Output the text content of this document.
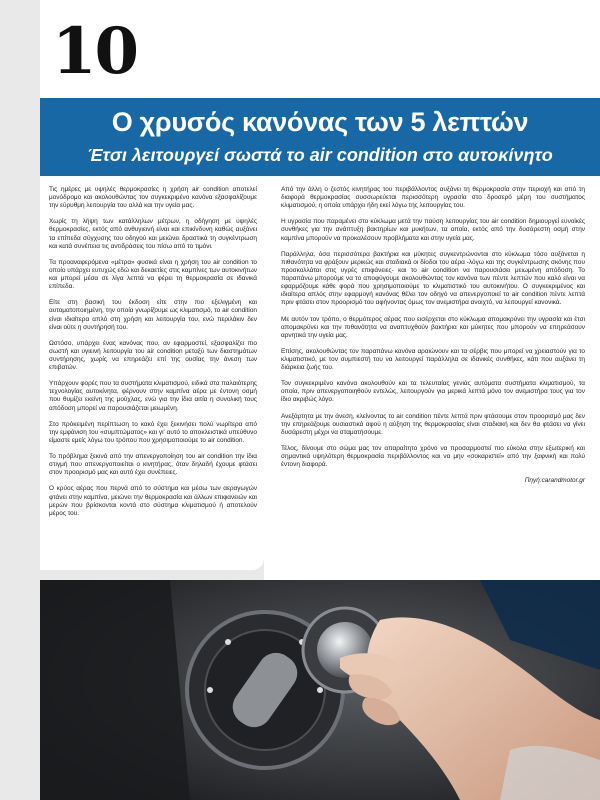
10
Ο χρυσός κανόνας των 5 λεπτών
Έτσι λειτουργεί σωστά το air condition στο αυτοκίνητο

Τις ημέρες με υψηλές θερμοκρασίες η χρήση air condition αποτελεί μονόδρομο και ακολουθώντας τον συγκεκριμένο κανόνα εξασφαλίζουμε την εύρυθμη λειτουργία του αλλά και την υγεία μας.

Χωρίς τη λήψη των κατάλληλων μέτρων, η οδήγηση με υψηλές θερμοκρασίες, εκτός από ανθυγιεινή είναι και επικίνδυνη καθώς αυξάνει τα επίπεδα σύγχυσης του οδηγού και μειώνει δραστικά τη συγκέντρωση και κατά συνέπεια τις αντιδράσεις του πίσω από το τιμόνι.

Τα προαναφερόμενα «μέτρα» φυσικά είναι η χρήση του air condition το οποίο υπάρχει ευτυχώς εδώ και δεκαετίες στις καμπίνες των αυτοκινήτων και μπορεί μέσα σε λίγα λεπτά να φέρει τη θερμοκρασία σε ιδανικά επίπεδα.

Είτε στη βασική του έκδοση είτε στην πιο εξελιγμένη και αυτοματοποιημένη, την οποία γνωρίζουμε ως κλιματισμό, το air condition είναι ιδιαίτερα απλό στη χρήση και λειτουργία του, ενώ περιλάκιν δεν είναι ούτε η συντήρησή του.

Ωστόσο, υπάρχει ένας κανόνας που, αν εφαρμοστεί, εξασφαλίζει πιο σωστή και υγιεινή λειτουργία του air condition μεταξύ των διαστημάτων συντήρησης, χωρίς να επηρεάζει επί της ουσίας την άνεση των επιβατών.

Υπάρχουν φορές που τα συστήματα κλιματισμού, ειδικά στα παλαιότερης τεχνολογίας αυτοκίνητα, φέρνουν στην καμπίνα αέρα με έντονη οσμή που θυμίζει εκείνη της μούχλας, ενώ για την ίδια αιτία η συνολική τους απόδοση μπορεί να παρουσιάζεται μειωμένη.

Στο πρόκειμένη περίπτωση το κακό έχει ξεκινήσει πολύ νωρίτερα από την εμφάνιση του «συμπτώματος» και γι' αυτό το αποκλειστικά υπεύθυνο είμαστε εμείς λόγω του τρόπου που χρησιμοποιούμε το air condition.

Το πρόβλημα ξεκινά από την απενεργοποίηση του air condition την ίδια στιγμή που απενεργοποιείται ο κινητήρας, όταν δηλαδή έχουμε φτάσει στον προορισμό μας και αυτό έχει συνέπειες.

Ο κρύος αέρας που περνά από το σύστημα και μέσω των αεραγωγών φτάνει στην καμπίνα, μειώνει την θερμοκρασία και άλλων επιφανειών και μερών που βρίσκονται κοντά στο σύστημα κλιματισμού ή αποτελούν μέρος του.

Από την άλλη ο ζεστός κινητήρας του περιβάλλοντος αυξάνει τη θερμοκρασία στην περιοχή και από τη διαφορά θερμοκρασίας συσσωρεύεται περισσότερη υγρασία στο δροσερό μέρη του συστήματος κλιματισμού, η οποία υπάρχει ήδη εκεί λόγω της λειτουργίας του.

Η υγρασία που παραμένει στο κύκλωμα μετά την παύση λειτουργίας του air condition δημιουργεί ευνοϊκές συνθήκες για την ανάπτυξη βακτηρίων και μυκήτων, τα οποία, εκτός από την δυσάρεστη οσμή στην καμπίνα μπορούν να προκαλέσουν προβλήματα και στην υγεία μας.

Παράλληλα, όσα περισσότερα βακτήρια και μύκητες συγκεντρώνονται στο κύκλωμα τόσο αυξάνεται η πιθανότητα να φράξουν μερικώς και σταδιακά οι δίοδοι του αέρα -λόγω και της συγκέντρωσης σκόνης που προσκολλάται στις υγρές επιφάνειες- και το air condition να παρουσιάσει μειωμένη απόδοση. Το παραπάνω μπορούμε να το αποφύγουμε ακολουθώντας τον κανόνα των πέντε λεπτών που καλό είναι να εφαρμόζουμε κάθε φορά που χρησιμοποιούμε το κλιματιστικό του αυτοκινήτου. Ο συγκεκριμένος και ιδιαίτερα απλός στην εφαρμογή κανόνας θέλει τον οδηγό να απενεργοποιεί το air condition πέντε λεπτά πριν φτάσει στον προορισμό του αφήνοντας όμως τον ανεμιστήρα ανοιχτό, να λειτουργεί κανονικά.

Με αυτόν τον τρόπο, ο θερμότερος αέρας που εισέρχεται στο κύκλωμα απομακρύνει την υγρασία και έτσι απομακρύνει και την πιθανότητα να αναπτυχθούν βακτήρια και μύκητες που μπορούν να επηρεάσουν αρνητικά την υγεία μας.

Επίσης, ακολουθώντας τον παραπάνω κανόνα αραιώνουν και τα σέρβις που μπορεί να χρειαστούν για το κλιματιστικό, με τον συμπιεστή του να λειτουργεί παράλληλα σε ιδανικές συνθήκες, κάτι που αυξάνει τη διάρκεια ζωής του.

Τον συγκεκριμένο κανόνα ακολουθούν και τα τελευταίας γενιάς αυτόματα συστήματα κλιματισμού, τα οποία, πριν απενεργοποιηθούν εντελώς, λειτουργούν για μερικά λεπτά μόνο τον ανεμιστήρα τους για τον ίδιο ακριβώς λόγο.

Ανεξάρτητα με την άνεση, κλείνοντας το air condition πέντε λεπτά πριν φτάσουμε στον προορισμό μας δεν την επηρεάζουμε ουσιαστικά αφού η αύξηση της θερμοκρασίας είναι σταδιακή και δεν θα φτάσει να γίνει δυσάρεστη μέχρι να σταματήσουμε.

Τέλος, δίνουμε στο σώμα μας τον απαραίτητο χρόνο να προσαρμοστεί πιο εύκολα στην εξωτερική και σημαντικά υψηλότερη θερμοκρασία περιβάλλοντος και να μην «σοκαριστεί» από την ξαφνική και πολύ έντονη διαφορά.

Πηγή:carandmotor.gr
